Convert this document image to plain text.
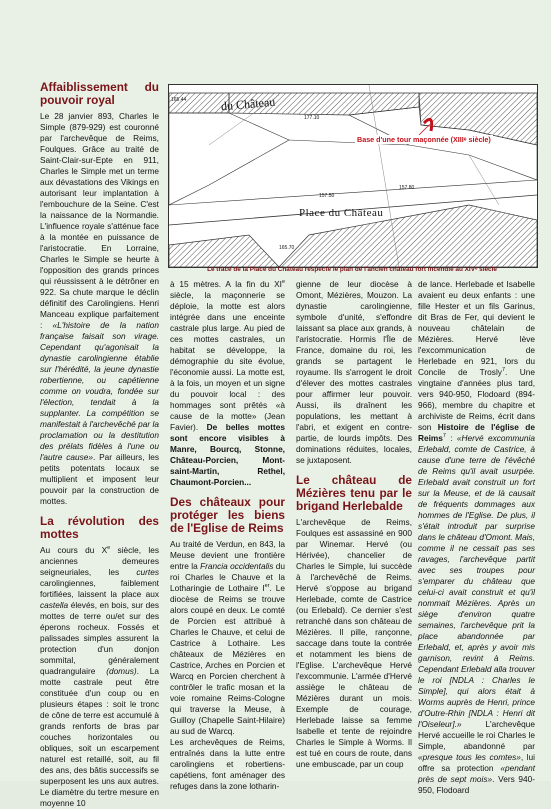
Affaiblissement du pouvoir royal

Le 28 janvier 893, Charles le Simple (879-929) est couronné par l'archevêque de Reims, Foulques. Grâce au traité de Saint-Clair-sur-Epte en 911, Charles le Simple met un terme aux dévastations des Vikings en autorisant leur implantation à l'embouchure de la Seine. C'est la naissance de la Normandie. L'influence royale s'atténue face à la montée en puissance de l'aristocratie. En Lorraine, Charles le Simple se heurte à l'opposition des grands princes qui réussissent à le détrôner en 922. Sa chute marque le déclin définitif des Carolingiens. Henri Manceau explique parfaitement : «L'histoire de la nation française faisait son virage. Cependant qu'agonisait la dynastie carolingienne établie sur l'hérédité, la jeune dynastie robertienne, ou capétienne comme on voudra, fondée sur l'élection, tendait à la supplanter. La compétition se manifestait à l'archevêché par la proclamation ou la destitution des prélats fidèles à l'une ou l'autre cause». Par ailleurs, les petits potentats locaux se multiplient et imposent leur pouvoir par la construction de mottes.

La révolution des mottes

Au cours du Xe siècle, les anciennes demeures seigneuriales, les curtes carolingiennes, faiblement fortifiées, laissent la place aux castella élevés, en bois, sur des mottes de terre ou/et sur des éperons rocheux. Fossés et palissades simples assurent la protection d'un donjon sommital, généralement quadrangulaire (domus). La motte castrale peut être constituée d'un coup ou en plusieurs étapes : soit le tronc de cône de terre est accumulé à grands renforts de bras par couches horizontales ou obliques, soit un escarpement naturel est retaillé, soit, au fil des ans, des bâtis successifs se superposent les uns aux autres. Le diamètre du tertre mesure en moyenne 10

du Château
Place du Château
165.44
157.50
177.10
157.80
165.70
Base d'une tour maçonnée (XIIIᵉ siècle)
Le tracé de la Place du Château respecte le plan de l'ancien château fort incendié au XIVᵉ siècle

à 15 mètres. A la fin du XIe siècle, la maçonnerie se déploie, la motte est alors intégrée dans une enceinte castrale plus large. Au pied de ces mottes castrales, un habitat se développe, la démographie du site évolue, l'économie aussi. La motte est, à la fois, un moyen et un signe du pouvoir local : des hommages sont prêtés «à cause de la motte» (Jean Favier). De belles mottes sont encore visibles à Manre, Bourcq, Stonne, Château-Porcien, Mont-saint-Martin, Rethel, Chaumont-Porcien...

Des châteaux pour protéger les biens de l'Eglise de Reims

Au traité de Verdun, en 843, la Meuse devient une frontière entre la Francia occidentalis du roi Charles le Chauve et la Lotharingie de Lothaire Ier. Le diocèse de Reims se trouve alors coupé en deux. Le comté de Porcien est attribué à Charles le Chauve, et celui de Castrice à Lothaire. Les châteaux de Mézières en Castrice, Arches en Porcien et Warcq en Porcien cherchent à contrôler le trafic mosan et la voie romaine Reims-Cologne qui traverse la Meuse, à Guilloy (Chapelle Saint-Hilaire) au sud de Warcq.

Les archevêques de Reims, entraînés dans la lutte entre carolingiens et robertiens-capétiens, font aménager des refuges dans la zone lotharin-

gienne de leur diocèse à Omont, Mézières, Mouzon. La dynastie carolingienne, symbole d'unité, s'effondre laissant sa place aux grands, à l'aristocratie. Hormis l'Île de France, domaine du roi, les grands se partagent le royaume. Ils s'arrogent le droit d'élever des mottes castrales pour affirmer leur pouvoir. Aussi, ils draînent les populations, les mettant à l'abri, et exigent en contre-partie, de lourds impôts. Des dominations réduites, locales, se juxtaposent.

Le château de Mézières tenu par le brigand Herlebalde

L'archevêque de Reims, Foulques est assassiné en 900 par Winemar. Hervé (ou Hérivée), chancelier de Charles le Simple, lui succède à l'archevêché de Reims. Hervé s'oppose au brigand Herlebade, comte de Castrice (ou Erlebald). Ce dernier s'est retranché dans son château de Mézières. Il pille, rançonne, saccage dans toute la contrée et notamment les biens de l'Eglise. L'archevêque Hervé l'excommunie. L'armée d'Hervé assiège le château de Mézières durant un mois. Exemple de courage, Herlebade laisse sa femme Isabelle et tente de rejoindre Charles le Simple à Worms. Il est tué en cours de route, dans une embuscade, par un coup

de lance. Herlebade et Isabelle avaient eu deux enfants : une fille Hester et un fils Garinus, dit Bras de Fer, qui devient le nouveau châtelain de Mézières. Hervé lève l'excommunication de Herlebade en 921, lors du Concile de Trosly$^7$. Une vingtaine d'années plus tard, vers 940-950, Flodoard (894-966), membre du chapitre et archiviste de Reims, écrit dans son Histoire de l'église de Reims$^7$ : «Hervé excommunia Erlebald, comte de Castrice, à cause d'une terre de l'évêché de Reims qu'il avait usurpée. Erlebald avait construit un fort sur la Meuse, et de là causait de fréquents dommages aux hommes de l'Eglise. De plus, il s'était introduit par surprise dans le château d'Omont. Mais, comme il ne cessait pas ses ravages, l'archevêque partit avec ses troupes pour s'emparer du château que celui-ci avait construit et qu'il nommait Mézières. Après un siège d'environ quatre semaines, l'archevêque prit la place abandonnée par Erlebald, et, après y avoir mis garnison, revint à Reims. Cependant Erlebald alla trouver le roi [NDLA : Charles le Simple], qui alors était à Worms auprès de Henri, prince d'Outre-Rhin [NDLA : Henri dit l'Oiseleur].» L'archevêque Hervé accueille le roi Charles le Simple, abandonné par «presque tous les comtes», lui offre sa protection «pendant près de sept mois». Vers 940-950, Flodoard
